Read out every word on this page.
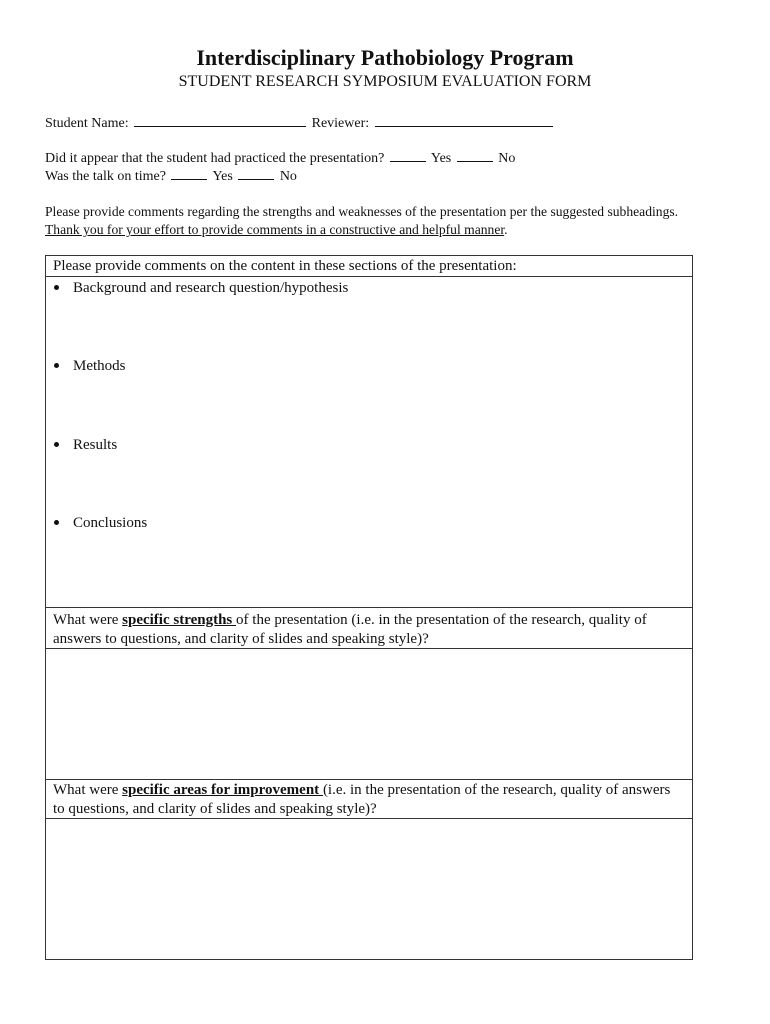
Interdisciplinary Pathobiology Program
STUDENT RESEARCH SYMPOSIUM EVALUATION FORM
Student Name:	Reviewer:
Did it appear that the student had practiced the presentation?	Yes	No
Was the talk on time?	Yes	No
Please provide comments regarding the strengths and weaknesses of the presentation per the suggested subheadings. Thank you for your effort to provide comments in a constructive and helpful manner.
Please provide comments on the content in these sections of the presentation:
Background and research question/hypothesis
Methods
Results
Conclusions
What were specific strengths of the presentation (i.e. in the presentation of the research, quality of answers to questions, and clarity of slides and speaking style)?
What were specific areas for improvement (i.e. in the presentation of the research, quality of answers to questions, and clarity of slides and speaking style)?
